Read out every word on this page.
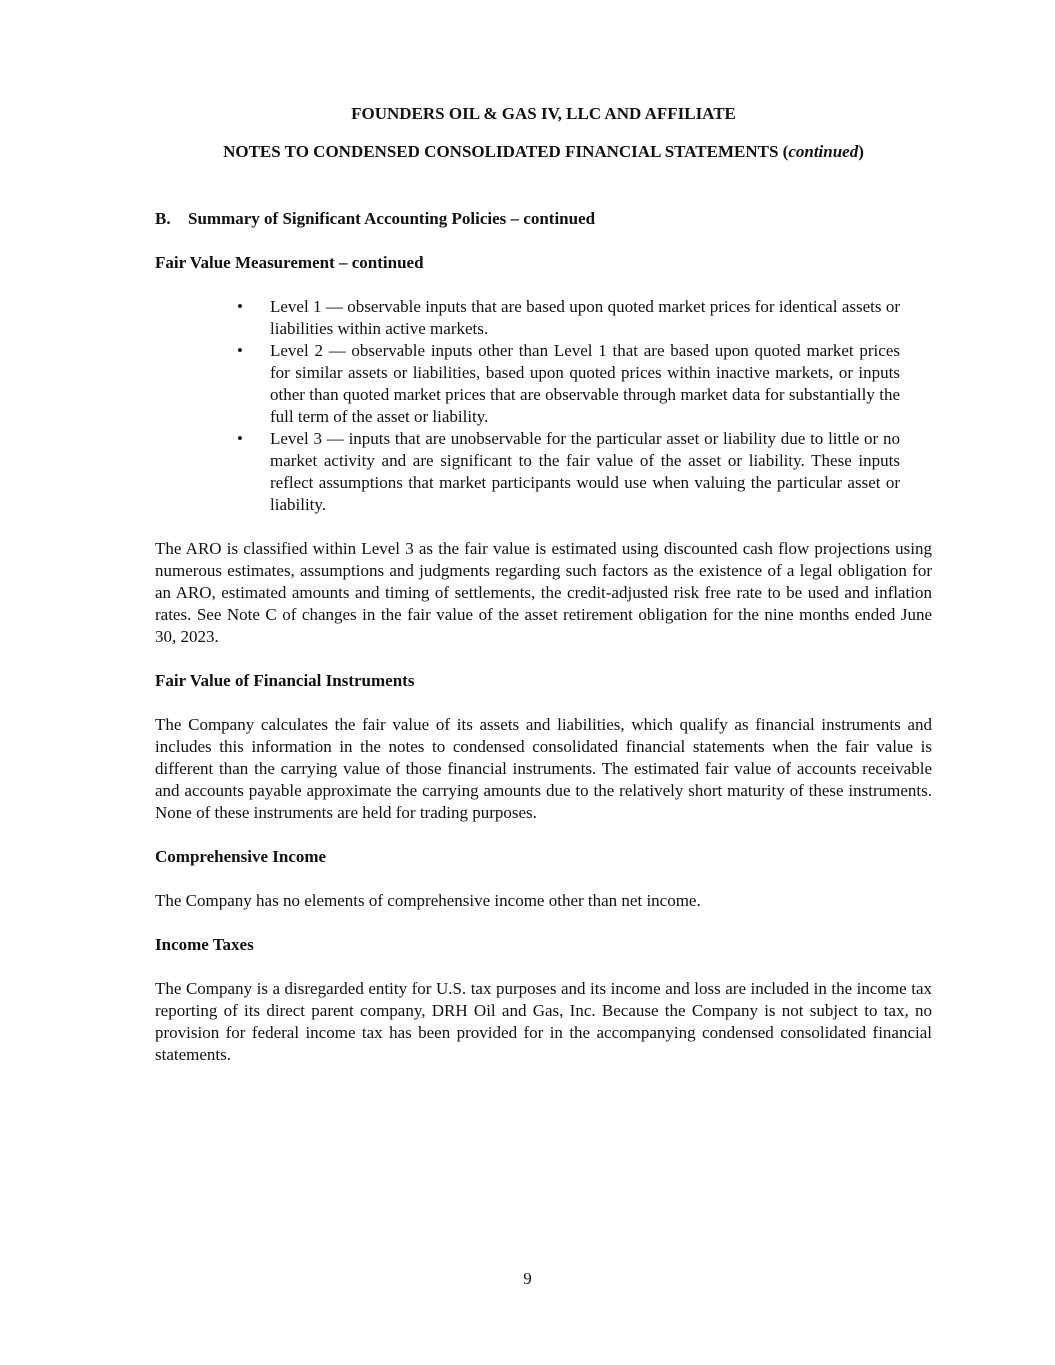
FOUNDERS OIL & GAS IV, LLC AND AFFILIATE
NOTES TO CONDENSED CONSOLIDATED FINANCIAL STATEMENTS (continued)
B.	Summary of Significant Accounting Policies – continued
Fair Value Measurement – continued
•	Level 1 — observable inputs that are based upon quoted market prices for identical assets or liabilities within active markets.
•	Level 2 — observable inputs other than Level 1 that are based upon quoted market prices for similar assets or liabilities, based upon quoted prices within inactive markets, or inputs other than quoted market prices that are observable through market data for substantially the full term of the asset or liability.
•	Level 3 — inputs that are unobservable for the particular asset or liability due to little or no market activity and are significant to the fair value of the asset or liability. These inputs reflect assumptions that market participants would use when valuing the particular asset or liability.
The ARO is classified within Level 3 as the fair value is estimated using discounted cash flow projections using numerous estimates, assumptions and judgments regarding such factors as the existence of a legal obligation for an ARO, estimated amounts and timing of settlements, the credit-adjusted risk free rate to be used and inflation rates. See Note C of changes in the fair value of the asset retirement obligation for the nine months ended June 30, 2023.
Fair Value of Financial Instruments
The Company calculates the fair value of its assets and liabilities, which qualify as financial instruments and includes this information in the notes to condensed consolidated financial statements when the fair value is different than the carrying value of those financial instruments. The estimated fair value of accounts receivable and accounts payable approximate the carrying amounts due to the relatively short maturity of these instruments. None of these instruments are held for trading purposes.
Comprehensive Income
The Company has no elements of comprehensive income other than net income.
Income Taxes
The Company is a disregarded entity for U.S. tax purposes and its income and loss are included in the income tax reporting of its direct parent company, DRH Oil and Gas, Inc. Because the Company is not subject to tax, no provision for federal income tax has been provided for in the accompanying condensed consolidated financial statements.
9
